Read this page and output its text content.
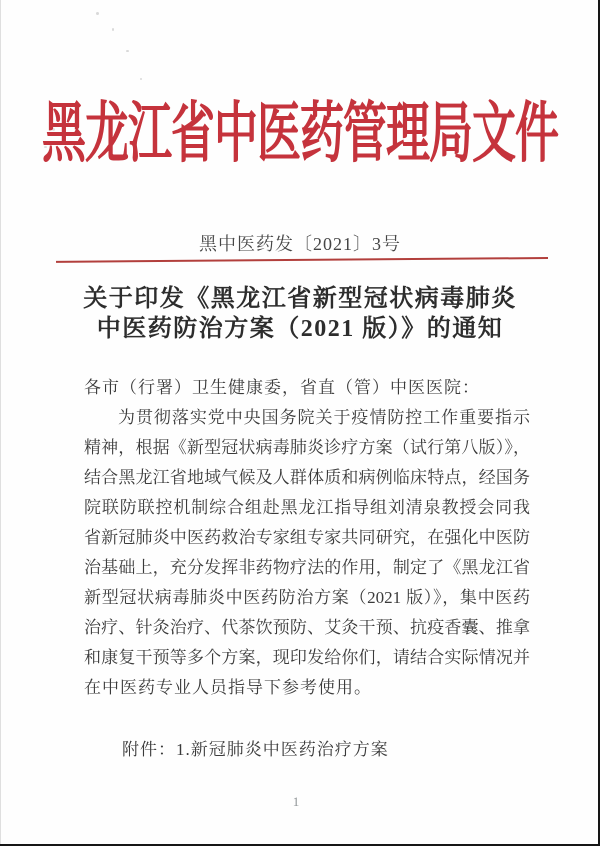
黑龙江省中医药管理局文件
黑中医药发〔2021〕3号
关于印发《黑龙江省新型冠状病毒肺炎
中医药防治方案（2021 版）》的通知
各市（行署）卫生健康委，省直（管）中医医院：
为贯彻落实党中央国务院关于疫情防控工作重要指示
精神，根据《新型冠状病毒肺炎诊疗方案（试行第八版）》，
结合黑龙江省地域气候及人群体质和病例临床特点，经国务
院联防联控机制综合组赴黑龙江指导组刘清泉教授会同我
省新冠肺炎中医药救治专家组专家共同研究，在强化中医防
治基础上，充分发挥非药物疗法的作用，制定了《黑龙江省
新型冠状病毒肺炎中医药防治方案（2021 版）》，集中医药
治疗、针灸治疗、代茶饮预防、艾灸干预、抗疫香囊、推拿
和康复干预等多个方案，现印发给你们，请结合实际情况并
在中医药专业人员指导下参考使用。
附件：1.新冠肺炎中医药治疗方案
1
